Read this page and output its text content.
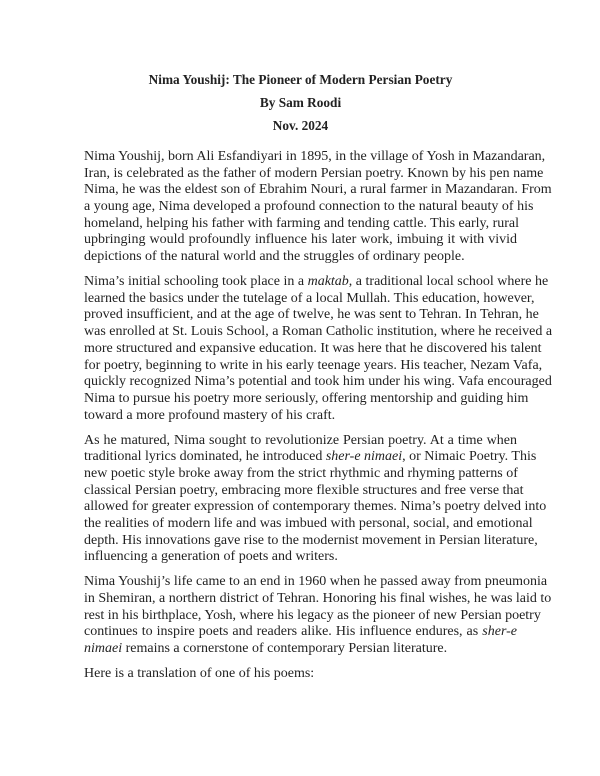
Nima Youshij: The Pioneer of Modern Persian Poetry
By Sam Roodi
Nov. 2024
Nima Youshij, born Ali Esfandiyari in 1895, in the village of Yosh in Mazandaran,
Iran, is celebrated as the father of modern Persian poetry. Known by his pen name
Nima, he was the eldest son of Ebrahim Nouri, a rural farmer in Mazandaran. From
a young age, Nima developed a profound connection to the natural beauty of his
homeland, helping his father with farming and tending cattle. This early, rural
upbringing would profoundly influence his later work, imbuing it with vivid
depictions of the natural world and the struggles of ordinary people.
Nima’s initial schooling took place in a maktab, a traditional local school where he
learned the basics under the tutelage of a local Mullah. This education, however,
proved insufficient, and at the age of twelve, he was sent to Tehran. In Tehran, he
was enrolled at St. Louis School, a Roman Catholic institution, where he received a
more structured and expansive education. It was here that he discovered his talent
for poetry, beginning to write in his early teenage years. His teacher, Nezam Vafa,
quickly recognized Nima’s potential and took him under his wing. Vafa encouraged
Nima to pursue his poetry more seriously, offering mentorship and guiding him
toward a more profound mastery of his craft.
As he matured, Nima sought to revolutionize Persian poetry. At a time when
traditional lyrics dominated, he introduced sher-e nimaei, or Nimaic Poetry. This
new poetic style broke away from the strict rhythmic and rhyming patterns of
classical Persian poetry, embracing more flexible structures and free verse that
allowed for greater expression of contemporary themes. Nima’s poetry delved into
the realities of modern life and was imbued with personal, social, and emotional
depth. His innovations gave rise to the modernist movement in Persian literature,
influencing a generation of poets and writers.
Nima Youshij’s life came to an end in 1960 when he passed away from pneumonia
in Shemiran, a northern district of Tehran. Honoring his final wishes, he was laid to
rest in his birthplace, Yosh, where his legacy as the pioneer of new Persian poetry
continues to inspire poets and readers alike. His influence endures, as sher-e
nimaei remains a cornerstone of contemporary Persian literature.
Here is a translation of one of his poems:
